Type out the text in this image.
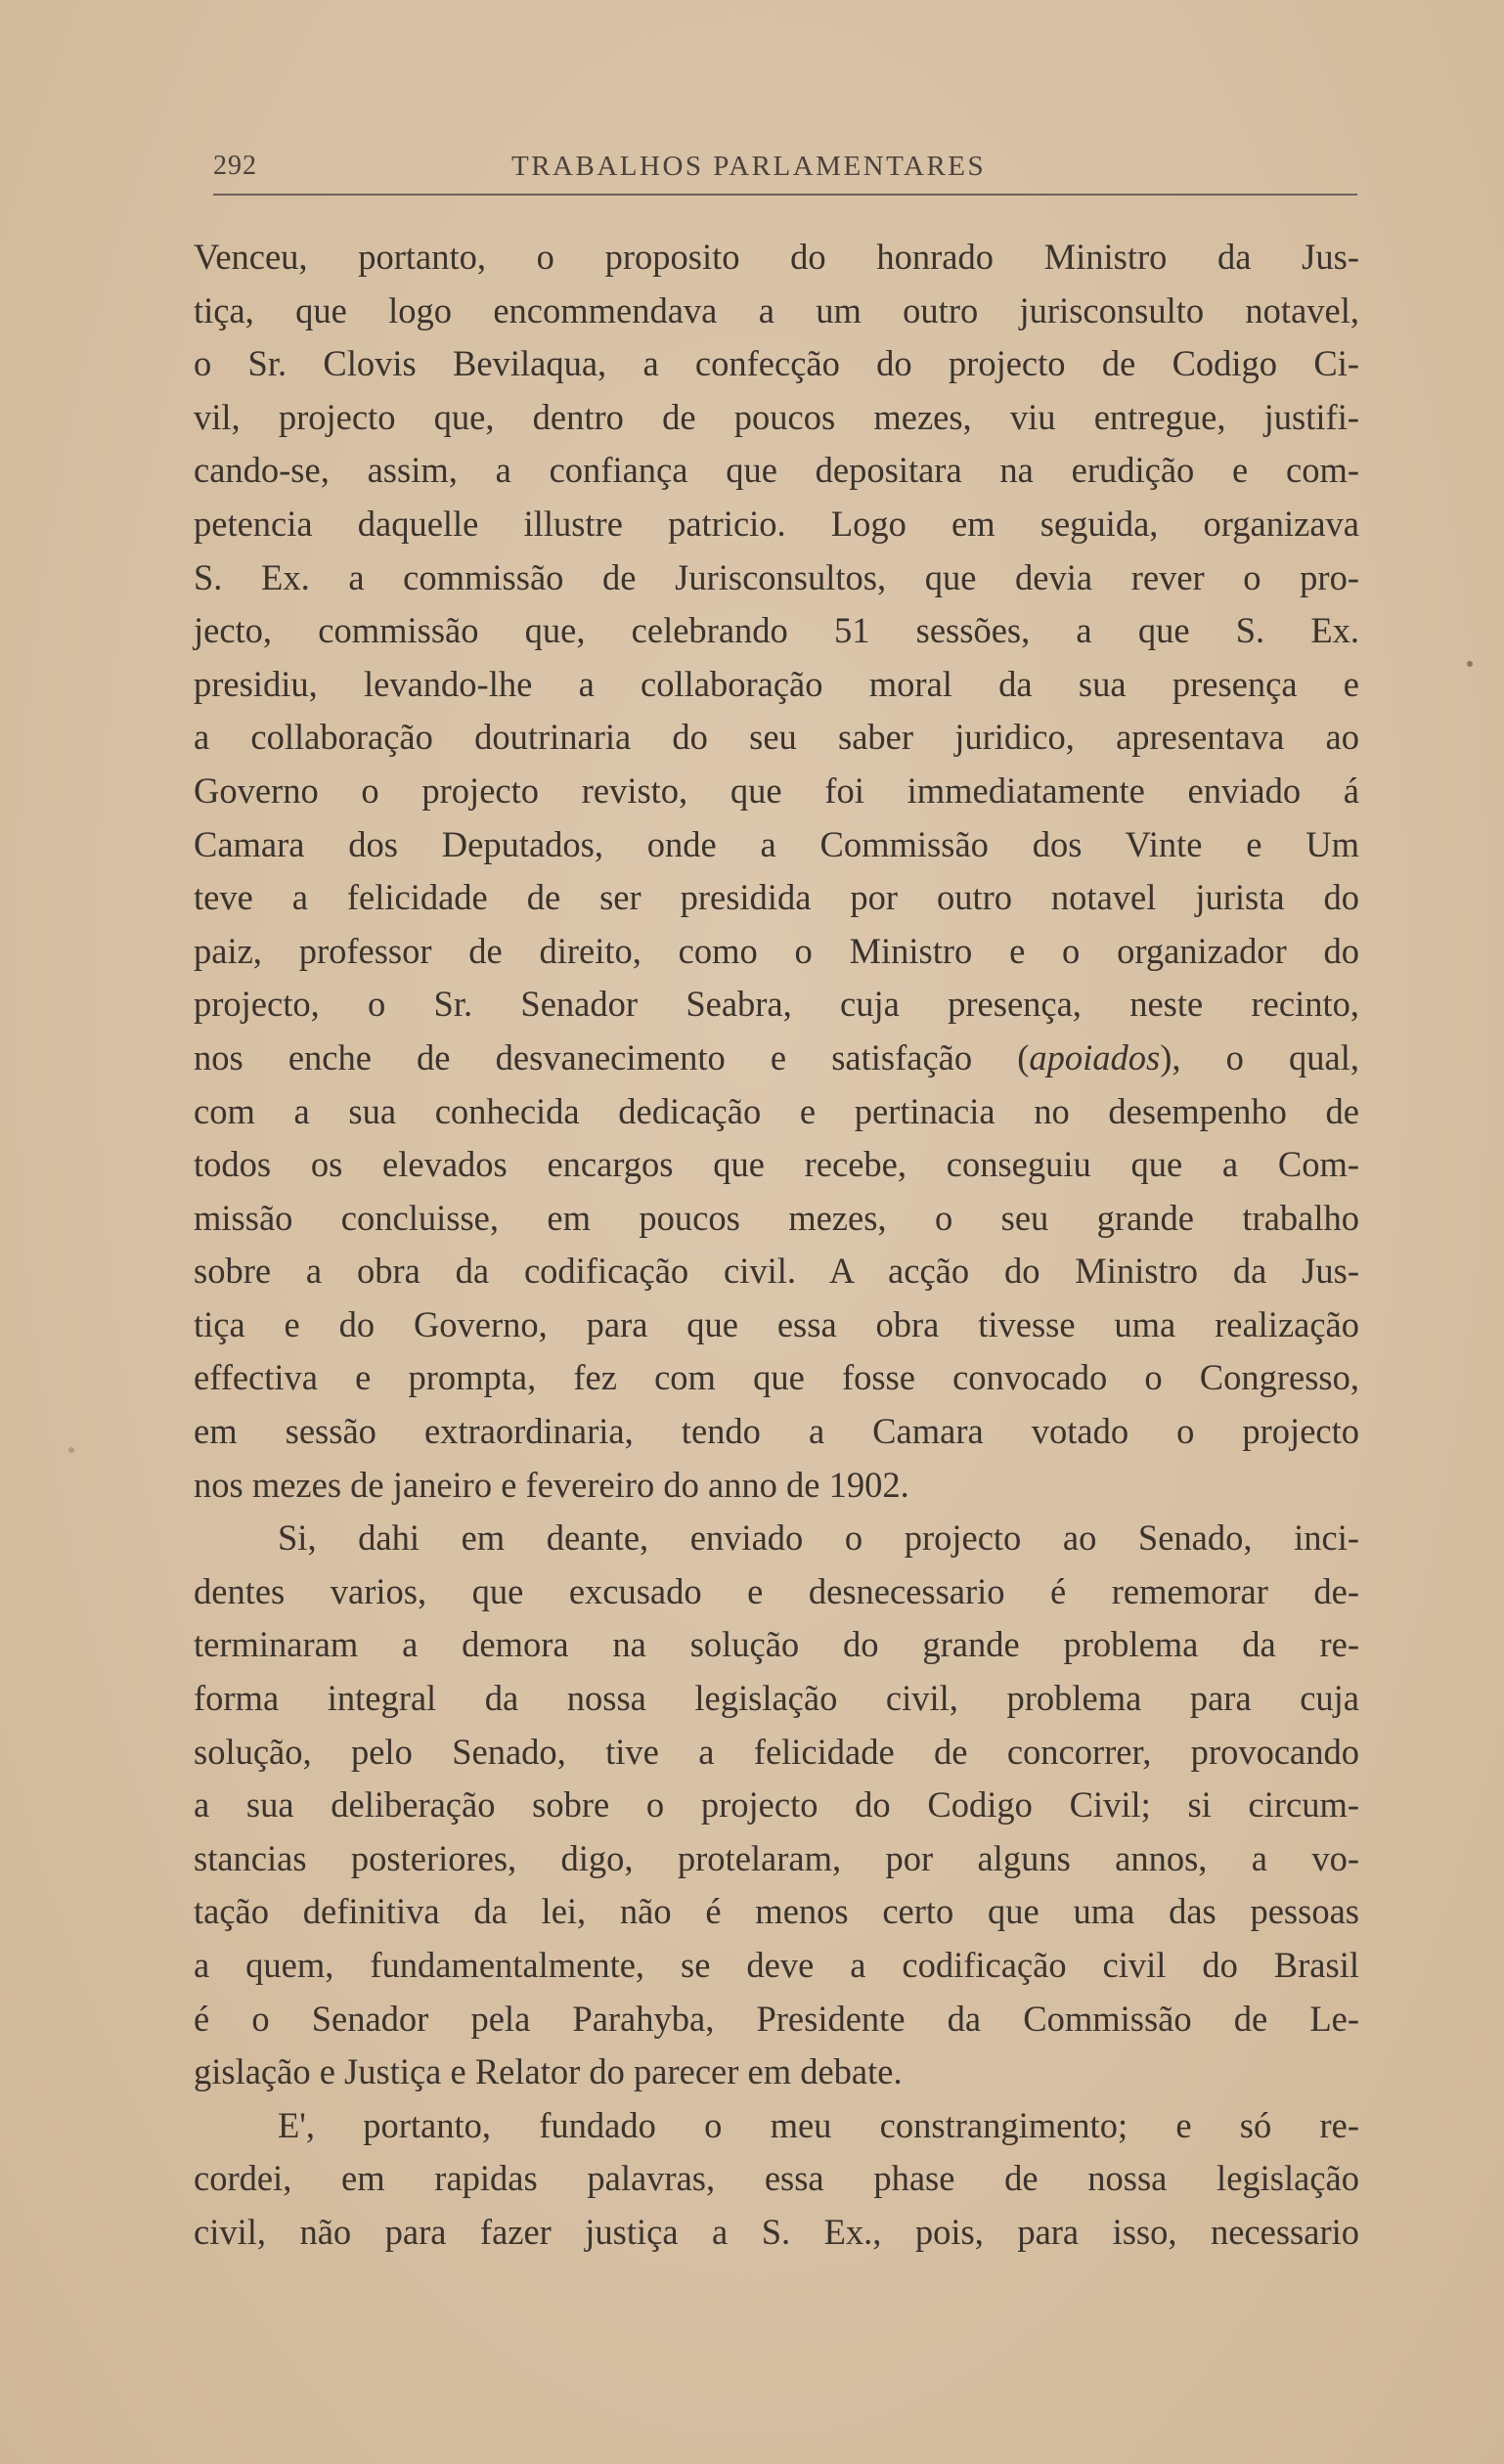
292	TRABALHOS PARLAMENTARES
Venceu, portanto, o proposito do honrado Ministro da Jus-
tiça, que logo encommendava a um outro jurisconsulto notavel,
o Sr. Clovis Bevilaqua, a confecção do projecto de Codigo Ci-
vil, projecto que, dentro de poucos mezes, viu entregue, justifi-
cando-se, assim, a confiança que depositara na erudição e com-
petencia daquelle illustre patricio. Logo em seguida, organizava
S. Ex. a commissão de Jurisconsultos, que devia rever o pro-
jecto, commissão que, celebrando 51 sessões, a que S. Ex.
presidiu, levando-lhe a collaboração moral da sua presença e
a collaboração doutrinaria do seu saber juridico, apresentava ao
Governo o projecto revisto, que foi immediatamente enviado á
Camara dos Deputados, onde a Commissão dos Vinte e Um
teve a felicidade de ser presidida por outro notavel jurista do
paiz, professor de direito, como o Ministro e o organizador do
projecto, o Sr. Senador Seabra, cuja presença, neste recinto,
nos enche de desvanecimento e satisfação (apoiados), o qual,
com a sua conhecida dedicação e pertinacia no desempenho de
todos os elevados encargos que recebe, conseguiu que a Com-
missão concluisse, em poucos mezes, o seu grande trabalho
sobre a obra da codificação civil. A acção do Ministro da Jus-
tiça e do Governo, para que essa obra tivesse uma realização
effectiva e prompta, fez com que fosse convocado o Congresso,
em sessão extraordinaria, tendo a Camara votado o projecto
nos mezes de janeiro e fevereiro do anno de 1902.
Si, dahi em deante, enviado o projecto ao Senado, inci-
dentes varios, que excusado e desnecessario é rememorar de-
terminaram a demora na solução do grande problema da re-
forma integral da nossa legislação civil, problema para cuja
solução, pelo Senado, tive a felicidade de concorrer, provocando
a sua deliberação sobre o projecto do Codigo Civil; si circum-
stancias posteriores, digo, protelaram, por alguns annos, a vo-
tação definitiva da lei, não é menos certo que uma das pessoas
a quem, fundamentalmente, se deve a codificação civil do Brasil
é o Senador pela Parahyba, Presidente da Commissão de Le-
gislação e Justiça e Relator do parecer em debate.
E', portanto, fundado o meu constrangimento; e só re-
cordei, em rapidas palavras, essa phase de nossa legislação
civil, não para fazer justiça a S. Ex., pois, para isso, necessario
